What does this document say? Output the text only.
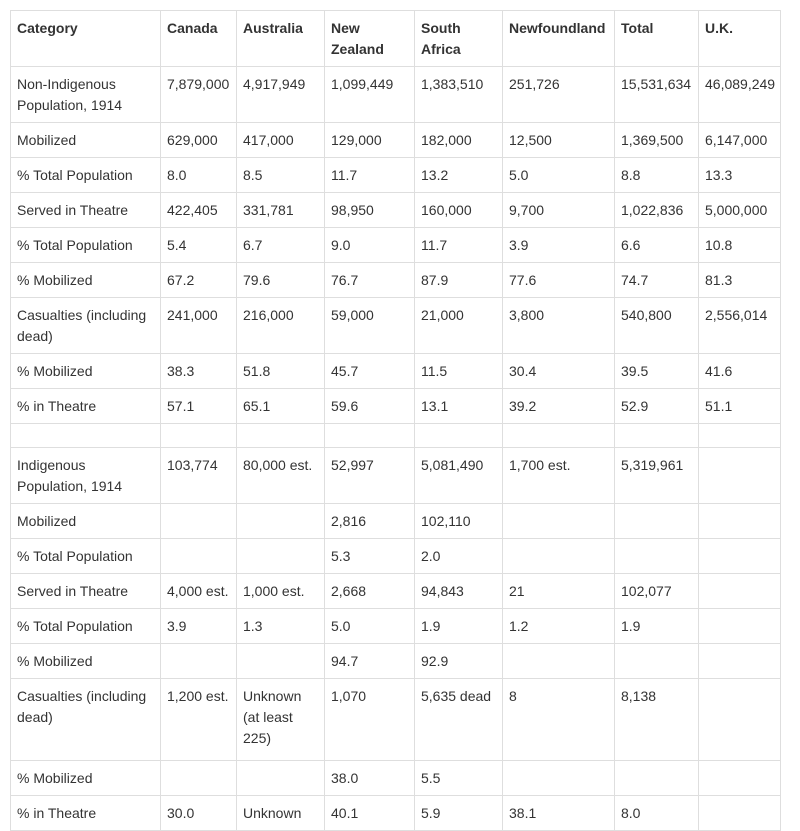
Category	Canada	Australia	New Zealand	South Africa	Newfoundland	Total	U.K.
Non-Indigenous Population, 1914	7,879,000	4,917,949	1,099,449	1,383,510	251,726	15,531,634	46,089,249
Mobilized	629,000	417,000	129,000	182,000	12,500	1,369,500	6,147,000
% Total Population	8.0	8.5	11.7	13.2	5.0	8.8	13.3
Served in Theatre	422,405	331,781	98,950	160,000	9,700	1,022,836	5,000,000
% Total Population	5.4	6.7	9.0	11.7	3.9	6.6	10.8
% Mobilized	67.2	79.6	76.7	87.9	77.6	74.7	81.3
Casualties (including dead)	241,000	216,000	59,000	21,000	3,800	540,800	2,556,014
% Mobilized	38.3	51.8	45.7	11.5	30.4	39.5	41.6
% in Theatre	57.1	65.1	59.6	13.1	39.2	52.9	51.1

Indigenous Population, 1914	103,774	80,000 est.	52,997	5,081,490	1,700 est.	5,319,961	
Mobilized			2,816	102,110			
% Total Population			5.3	2.0			
Served in Theatre	4,000 est.	1,000 est.	2,668	94,843	21	102,077	
% Total Population	3.9	1.3	5.0	1.9	1.2	1.9	
% Mobilized			94.7	92.9			
Casualties (including dead)	1,200 est.	Unknown (at least 225)	1,070	5,635 dead	8	8,138	
% Mobilized			38.0	5.5			
% in Theatre	30.0	Unknown	40.1	5.9	38.1	8.0	
